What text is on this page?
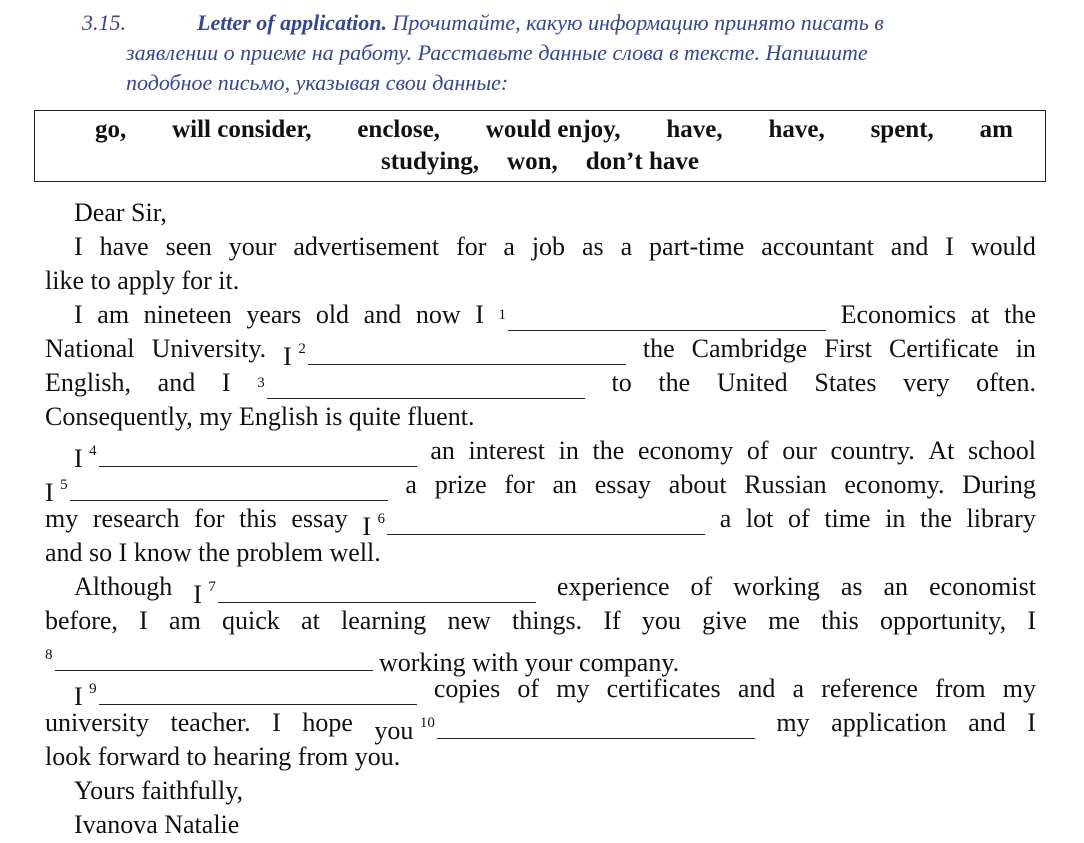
3.15.	Letter of application. Прочитайте, какую информацию принято писать в
заявлении о приеме на работу. Расставьте данные слова в тексте. Напишите
подобное письмо, указывая свои данные:
go, will consider, enclose, would enjoy, have, have, spent, am
studying, won, don’t have
Dear Sir,
I have seen your advertisement for a job as a part-time accountant and I would
like to apply for it.
I am nineteen years old and now I $^1$	Economics at the
National University. I $^2$	the Cambridge First Certificate in
English, and I $^3$	to the United States very often.
Consequently, my English is quite fluent.
I $^4$	an interest in the economy of our country. At school
I $^5$	a prize for an essay about Russian economy. During
my research for this essay I $^6$	a lot of time in the library
and so I know the problem well.
Although I $^7$	experience of working as an economist
before, I am quick at learning new things. If you give me this opportunity, I
$^8$	working with your company.
I $^9$	copies of my certificates and a reference from my
university teacher. I hope you $^{10}$	my application and I
look forward to hearing from you.
Yours faithfully,
Ivanova Natalie
